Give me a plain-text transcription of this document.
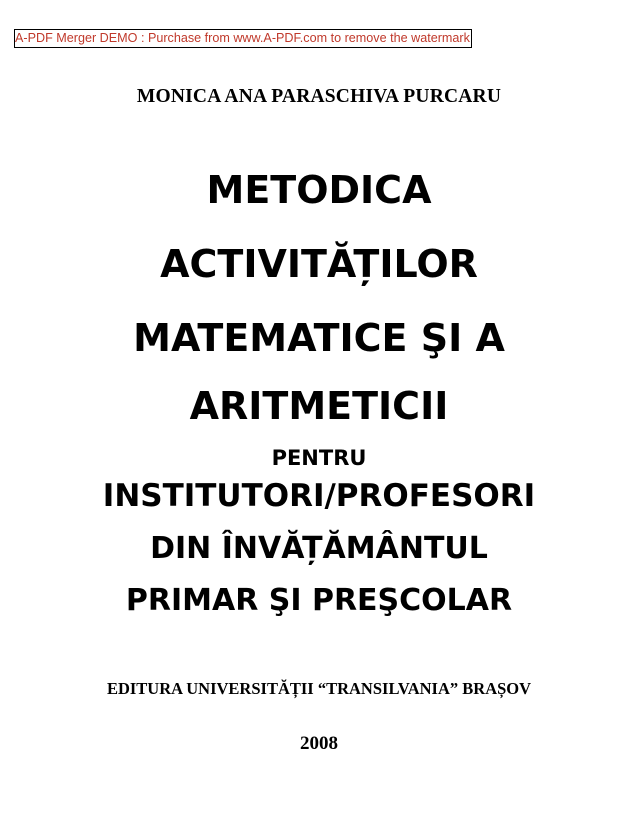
A-PDF Merger DEMO : Purchase from www.A-PDF.com to remove the watermark
MONICA ANA PARASCHIVA PURCARU
METODICA
ACTIVITĂȚILOR
MATEMATICE ŞI A
ARITMETICII
PENTRU
INSTITUTORI/PROFESORI
DIN ÎNVĂȚĂMÂNTUL
PRIMAR ŞI PREŞCOLAR
EDITURA UNIVERSITĂȚII “TRANSILVANIA” BRAȘOV
2008
